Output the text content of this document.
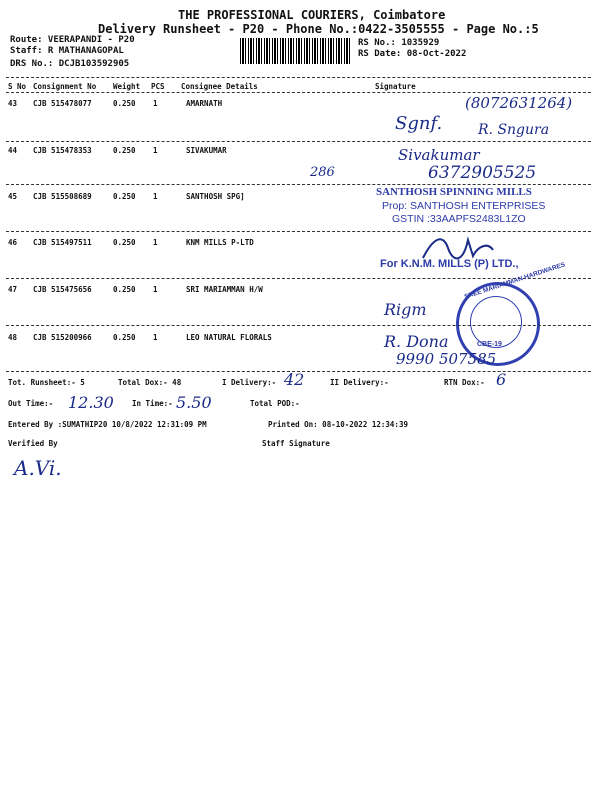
THE PROFESSIONAL COURIERS, Coimbatore
Delivery Runsheet - P20 - Phone No.:0422-3505555 - Page No.:5
Route: VEERAPANDI - P20
Staff: R MATHANAGOPAL
DRS No.: DCJB103592905
RS No.: 1035929
RS Date: 08-Oct-2022
S No Consignment No Weight PCS Consignee Details	Signature
43 CJB 515478077	0.250 1	AMARNATH	(8072631264)
Sgnf.	R. Sngura
44 CJB 515478353	0.250 1	SIVAKUMAR	Sivakumar
286	6372905525
45 CJB 515508689	0.250 1	SANTHOSH SPG]	SANTHOSH SPINNING MILLS
Prop: SANTHOSH ENTERPRISES
GSTIN :33AAPFS2483L1ZO
46 CJB 515497511	0.250 1	KNM MILLS P-LTD
For K.N.M. MILLS (P) LTD.,
47 CJB 515475656	0.250 1	SRI MARIAMMAN H/W
Rigm
SREE MARIAMMAN HARDWARES
CBE-19
48 CJB 515200966	0.250 1	LEO NATURAL FLORALS	R. Dona
9990 507585
Tot. Runsheet:- 5	Total Dox:- 48	I Delivery:- 42	II Delivery:-	RTN Dox:- 6
Out Time:- 12.30 In Time:- 5.50	Total POD:-
Entered By :SUMATHIP20 10/8/2022 12:31:09 PM	Printed On: 08-10-2022 12:34:39
Verified By	Staff Signature
A.Vi.
